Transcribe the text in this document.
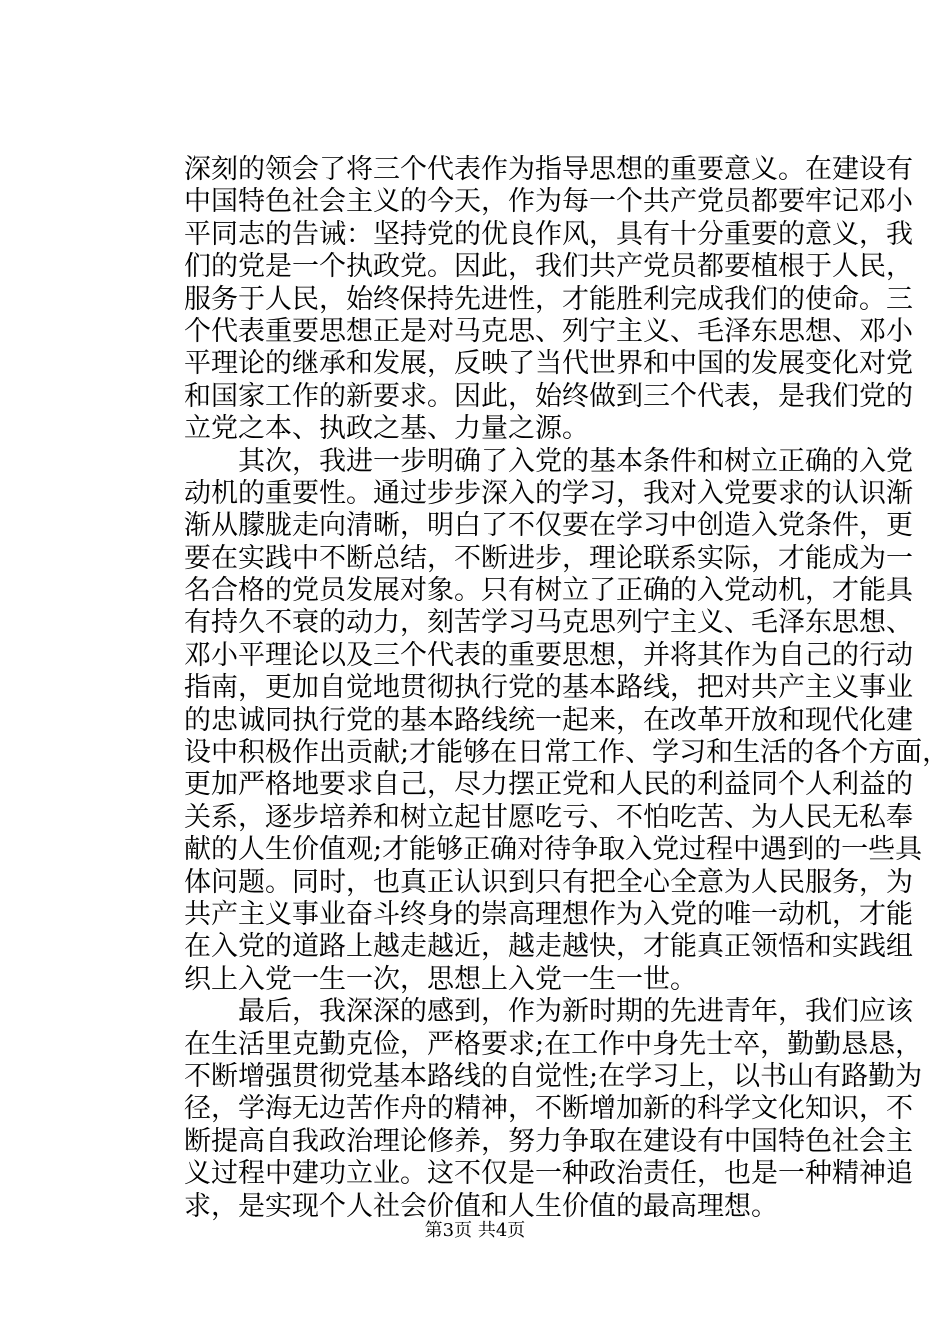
深刻的领会了将三个代表作为指导思想的重要意义。在建设有
中国特色社会主义的今天，作为每一个共产党员都要牢记邓小
平同志的告诫：坚持党的优良作风，具有十分重要的意义，我
们的党是一个执政党。因此，我们共产党员都要植根于人民，
服务于人民，始终保持先进性，才能胜利完成我们的使命。三
个代表重要思想正是对马克思、列宁主义、毛泽东思想、邓小
平理论的继承和发展，反映了当代世界和中国的发展变化对党
和国家工作的新要求。因此，始终做到三个代表，是我们党的
立党之本、执政之基、力量之源。
　　其次，我进一步明确了入党的基本条件和树立正确的入党
动机的重要性。通过步步深入的学习，我对入党要求的认识渐
渐从朦胧走向清晰，明白了不仅要在学习中创造入党条件，更
要在实践中不断总结，不断进步，理论联系实际，才能成为一
名合格的党员发展对象。只有树立了正确的入党动机，才能具
有持久不衰的动力，刻苦学习马克思列宁主义、毛泽东思想、
邓小平理论以及三个代表的重要思想，并将其作为自己的行动
指南，更加自觉地贯彻执行党的基本路线，把对共产主义事业
的忠诚同执行党的基本路线统一起来，在改革开放和现代化建
设中积极作出贡献;才能够在日常工作、学习和生活的各个方面，
更加严格地要求自己，尽力摆正党和人民的利益同个人利益的
关系，逐步培养和树立起甘愿吃亏、不怕吃苦、为人民无私奉
献的人生价值观;才能够正确对待争取入党过程中遇到的一些具
体问题。同时，也真正认识到只有把全心全意为人民服务，为
共产主义事业奋斗终身的崇高理想作为入党的唯一动机，才能
在入党的道路上越走越近，越走越快，才能真正领悟和实践组
织上入党一生一次，思想上入党一生一世。
　　最后，我深深的感到，作为新时期的先进青年，我们应该
在生活里克勤克俭，严格要求;在工作中身先士卒，勤勤恳恳，
不断增强贯彻党基本路线的自觉性;在学习上，以书山有路勤为
径，学海无边苦作舟的精神，不断增加新的科学文化知识，不
断提高自我政治理论修养，努力争取在建设有中国特色社会主
义过程中建功立业。这不仅是一种政治责任，也是一种精神追
求，是实现个人社会价值和人生价值的最高理想。
第3页 共4页
